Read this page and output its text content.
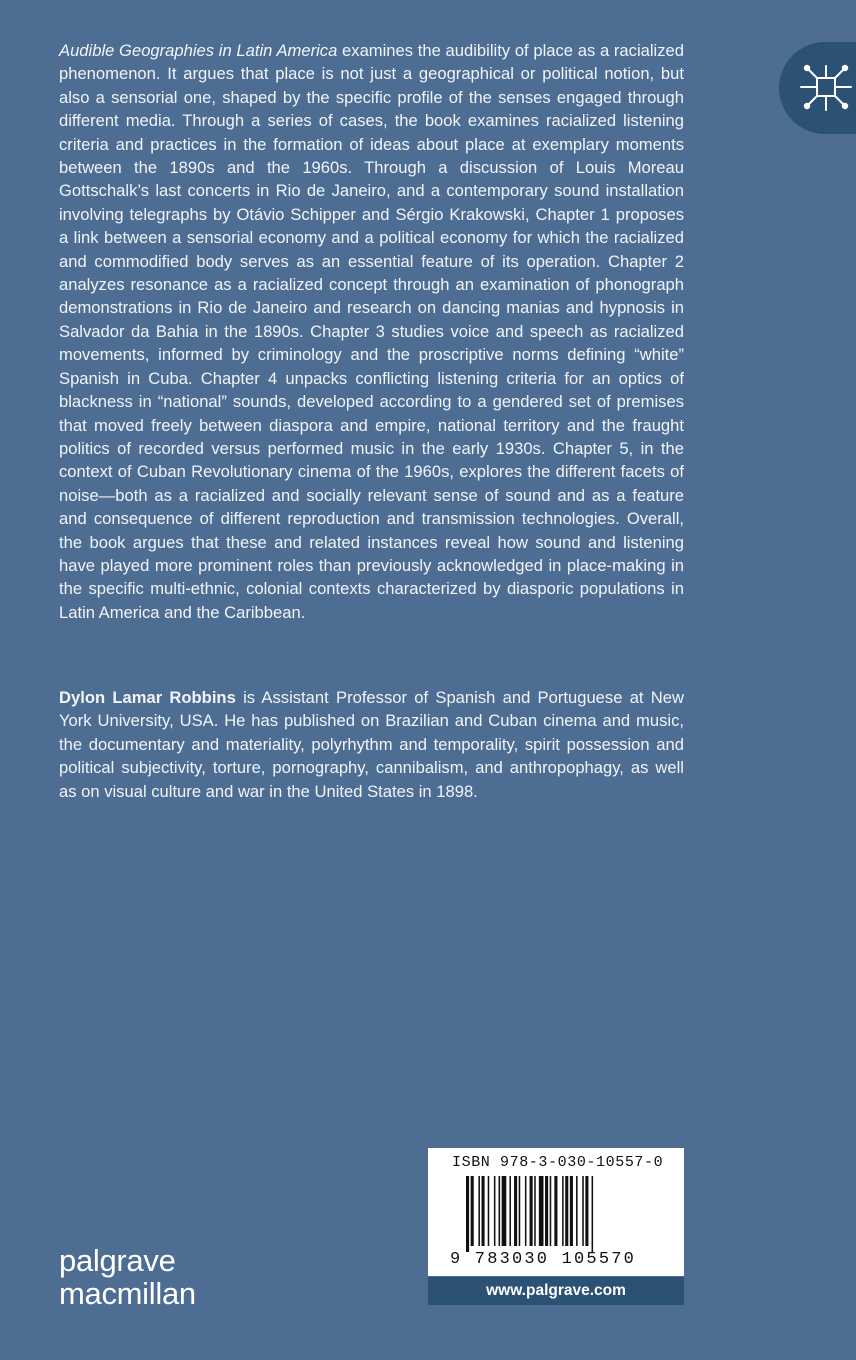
Audible Geographies in Latin America examines the audibility of place as a racialized phenomenon. It argues that place is not just a geographical or political notion, but also a sensorial one, shaped by the specific profile of the senses engaged through different media. Through a series of cases, the book examines racialized listening criteria and practices in the formation of ideas about place at exemplary moments between the 1890s and the 1960s. Through a discussion of Louis Moreau Gottschalk’s last concerts in Rio de Janeiro, and a contemporary sound installation involving telegraphs by Otávio Schipper and Sérgio Krakowski, Chapter 1 proposes a link between a sensorial economy and a political economy for which the racialized and commodified body serves as an essential feature of its operation. Chapter 2 analyzes resonance as a racialized concept through an examination of phonograph demonstrations in Rio de Janeiro and research on dancing manias and hypnosis in Salvador da Bahia in the 1890s. Chapter 3 studies voice and speech as racialized movements, informed by criminology and the proscriptive norms defining “white” Spanish in Cuba. Chapter 4 unpacks conflicting listening criteria for an optics of blackness in “national” sounds, developed according to a gendered set of premises that moved freely between diaspora and empire, national territory and the fraught politics of recorded versus performed music in the early 1930s. Chapter 5, in the context of Cuban Revolutionary cinema of the 1960s, explores the different facets of noise—both as a racialized and socially relevant sense of sound and as a feature and consequence of different reproduction and transmission technologies. Overall, the book argues that these and related instances reveal how sound and listening have played more prominent roles than previously acknowledged in place-making in the specific multi-ethnic, colonial contexts characterized by diasporic populations in Latin America and the Caribbean.

Dylon Lamar Robbins is Assistant Professor of Spanish and Portuguese at New York University, USA. He has published on Brazilian and Cuban cinema and music, the documentary and materiality, polyrhythm and temporality, spirit possession and political subjectivity, torture, pornography, cannibalism, and anthropophagy, as well as on visual culture and war in the United States in 1898.

palgrave
macmillan
ISBN 978-3-030-10557-0
9 783030 105570
www.palgrave.com
